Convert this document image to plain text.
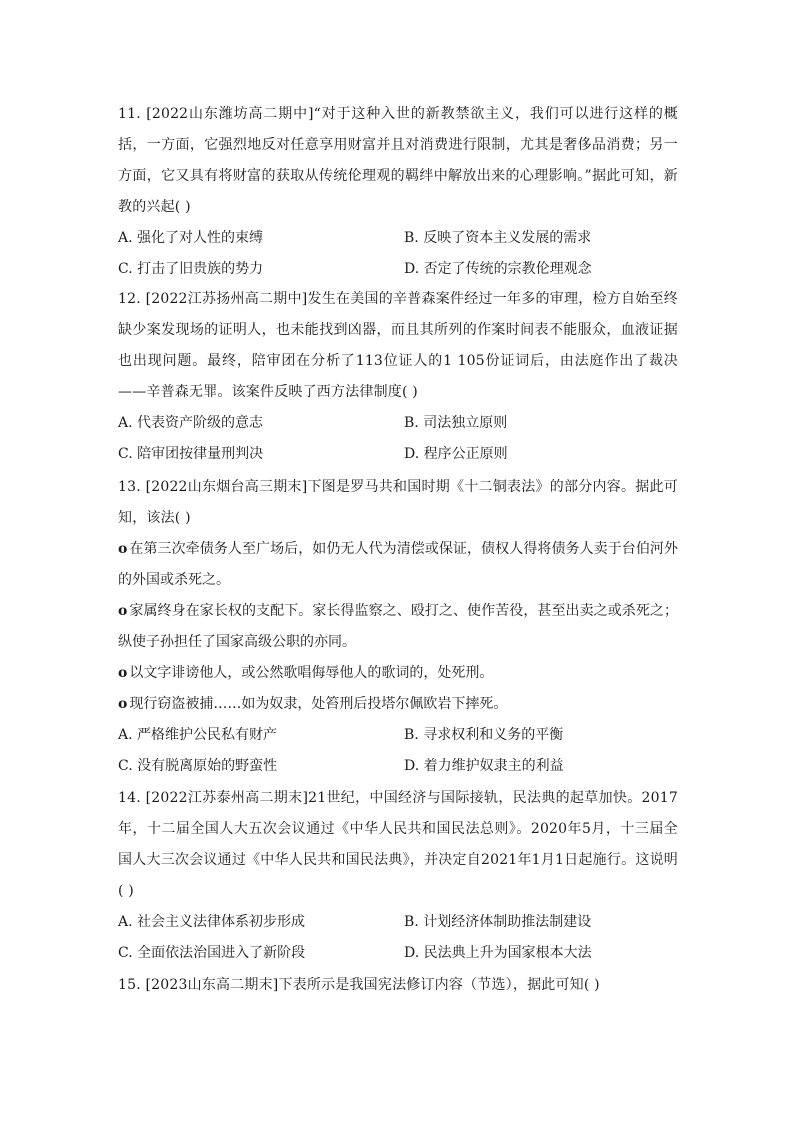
11. [2022山东潍坊高二期中]“对于这种入世的新教禁欲主义，我们可以进行这样的概括，一方面，它强烈地反对任意享用财富并且对消费进行限制，尤其是奢侈品消费；另一方面，它又具有将财富的获取从传统伦理观的羁绊中解放出来的心理影响。”据此可知，新教的兴起( )

A. 强化了对人性的束缚	B. 反映了资本主义发展的需求
C. 打击了旧贵族的势力	D. 否定了传统的宗教伦理观念

12. [2022江苏扬州高二期中]发生在美国的辛普森案件经过一年多的审理，检方自始至终缺少案发现场的证明人，也未能找到凶器，而且其所列的作案时间表不能服众，血液证据也出现问题。最终，陪审团在分析了113位证人的1 105份证词后，由法庭作出了裁决——辛普森无罪。该案件反映了西方法律制度( )

A. 代表资产阶级的意志	B. 司法独立原则
C. 陪审团按律量刑判决	D. 程序公正原则

13. [2022山东烟台高三期末]下图是罗马共和国时期《十二铜表法》的部分内容。据此可知，该法( )

o 在第三次牵债务人至广场后，如仍无人代为清偿或保证，债权人得将债务人卖于台伯河外的外国或杀死之。

o 家属终身在家长权的支配下。家长得监察之、殴打之、使作苦役，甚至出卖之或杀死之；纵使子孙担任了国家高级公职的亦同。

o 以文字诽谤他人，或公然歌唱侮辱他人的歌词的，处死刑。

o 现行窃盗被捕……如为奴隶，处笞刑后投塔尔佩欧岩下摔死。

A. 严格维护公民私有财产	B. 寻求权利和义务的平衡
C. 没有脱离原始的野蛮性	D. 着力维护奴隶主的利益

14. [2022江苏泰州高二期末]21世纪，中国经济与国际接轨，民法典的起草加快。2017年，十二届全国人大五次会议通过《中华人民共和国民法总则》。2020年5月，十三届全国人大三次会议通过《中华人民共和国民法典》，并决定自2021年1月1日起施行。这说明( )

A. 社会主义法律体系初步形成	B. 计划经济体制助推法制建设
C. 全面依法治国进入了新阶段	D. 民法典上升为国家根本大法

15. [2023山东高二期末]下表所示是我国宪法修订内容（节选），据此可知( )
